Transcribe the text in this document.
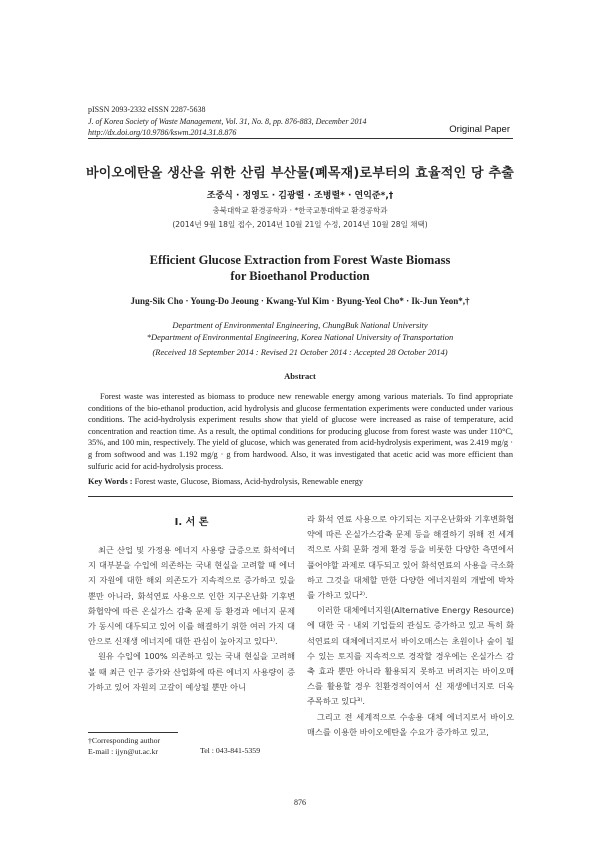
pISSN 2093-2332 eISSN 2287-5638
J. of Korea Society of Waste Management, Vol. 31, No. 8, pp. 876-883, December 2014
http://dx.doi.org/10.9786/kswm.2014.31.8.876	Original Paper
바이오에탄올 생산을 위한 산림 부산물(폐목재)로부터의 효율적인 당 추출
조중식 · 정영도 · 김광렬 · 조병렬* · 연익준*,†
충북대학교 환경공학과 · *한국교통대학교 환경공학과
(2014년 9월 18일 접수, 2014년 10월 21일 수정, 2014년 10월 28일 채택)
Efficient Glucose Extraction from Forest Waste Biomass
for Bioethanol Production
Jung-Sik Cho · Young-Do Jeoung · Kwang-Yul Kim · Byung-Yeol Cho* · Ik-Jun Yeon*,†
Department of Environmental Engineering, ChungBuk National University
*Department of Environmental Engineering, Korea National University of Transportation
(Received 18 September 2014 : Revised 21 October 2014 : Accepted 28 October 2014)
Abstract

Forest waste was interested as biomass to produce new renewable energy among various materials. To find appropriate conditions of the bio-ethanol production, acid hydrolysis and glucose fermentation experiments were conducted under various conditions. The acid-hydrolysis experiment results show that yield of glucose were increased as raise of temperature, acid concentration and reaction time. As a result, the optimal conditions for producing glucose from forest waste was under 110°C, 35%, and 100 min, respectively. The yield of glucose, which was generated from acid-hydrolysis experiment, was 2.419 mg/g · g from softwood and was 1.192 mg/g · g from hardwood. Also, it was investigated that acetic acid was more efficient than sulfuric acid for acid-hydrolysis process.

Key Words : Forest waste, Glucose, Biomass, Acid-hydrolysis, Renewable energy
I. 서 론

최근 산업 및 가정용 에너지 사용량 급증으로 화석에너지 대부분을 수입에 의존하는 국내 현실을 고려할 때 에너지 자원에 대한 해외 의존도가 지속적으로 증가하고 있을 뿐만 아니라, 화석연료 사용으로 인한 지구온난화 기후변화협약에 따른 온실가스 감축 문제 등 환경과 에너지 문제가 동시에 대두되고 있어 이를 해결하기 위한 여러 가지 대안으로 신재생 에너지에 대한 관심이 높아지고 있다¹⁾.

원유 수입에 100% 의존하고 있는 국내 현실을 고려해 볼 때 최근 인구 증가와 산업화에 따른 에너지 사용량이 증가하고 있어 자원의 고갈이 예상될 뿐만 아니

라 화석 연료 사용으로 야기되는 지구온난화와 기후변화협약에 따른 온실가스감축 문제 등을 해결하기 위해 전 세계적으로 사회 문화 경제 환경 등을 비롯한 다양한 측면에서 풀어야할 과제로 대두되고 있어 화석연료의 사용을 극소화하고 그것을 대체할 만한 다양한 에너지원의 개발에 박차를 가하고 있다²⁾.

이러한 대체에너지원(Alternative Energy Resource)에 대한 국 · 내외 기업들의 관심도 증가하고 있고 특히 화석연료의 대체에너지로서 바이오매스는 초원이나 숲이 될 수 있는 토지를 지속적으로 경작할 경우에는 온실가스 감축 효과 뿐만 아니라 활용되지 못하고 버려지는 바이오매스를 활용할 경우 친환경적이여서 신 재생에너지로 더욱 주목하고 있다³⁾.

그리고 전 세계적으로 수송용 대체 에너지로서 바이오매스를 이용한 바이오에탄올 수요가 증가하고 있고,

†Corresponding author
E-mail : ijyn@ut.ac.kr	Tel : 043-841-5359
876
